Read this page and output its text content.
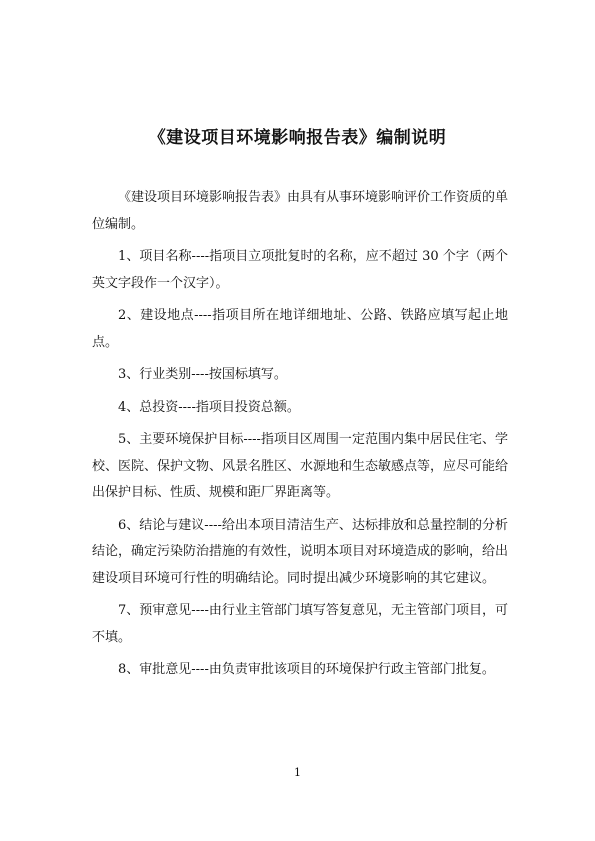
《建设项目环境影响报告表》编制说明

《建设项目环境影响报告表》由具有从事环境影响评价工作资质的单位编制。

1、项目名称----指项目立项批复时的名称，应不超过 30 个字（两个英文字段作一个汉字）。

2、建设地点----指项目所在地详细地址、公路、铁路应填写起止地点。

3、行业类别----按国标填写。

4、总投资----指项目投资总额。

5、主要环境保护目标----指项目区周围一定范围内集中居民住宅、学校、医院、保护文物、风景名胜区、水源地和生态敏感点等，应尽可能给出保护目标、性质、规模和距厂界距离等。

6、结论与建议----给出本项目清洁生产、达标排放和总量控制的分析结论，确定污染防治措施的有效性，说明本项目对环境造成的影响，给出建设项目环境可行性的明确结论。同时提出减少环境影响的其它建议。

7、预审意见----由行业主管部门填写答复意见，无主管部门项目，可不填。

8、审批意见----由负责审批该项目的环境保护行政主管部门批复。

1
